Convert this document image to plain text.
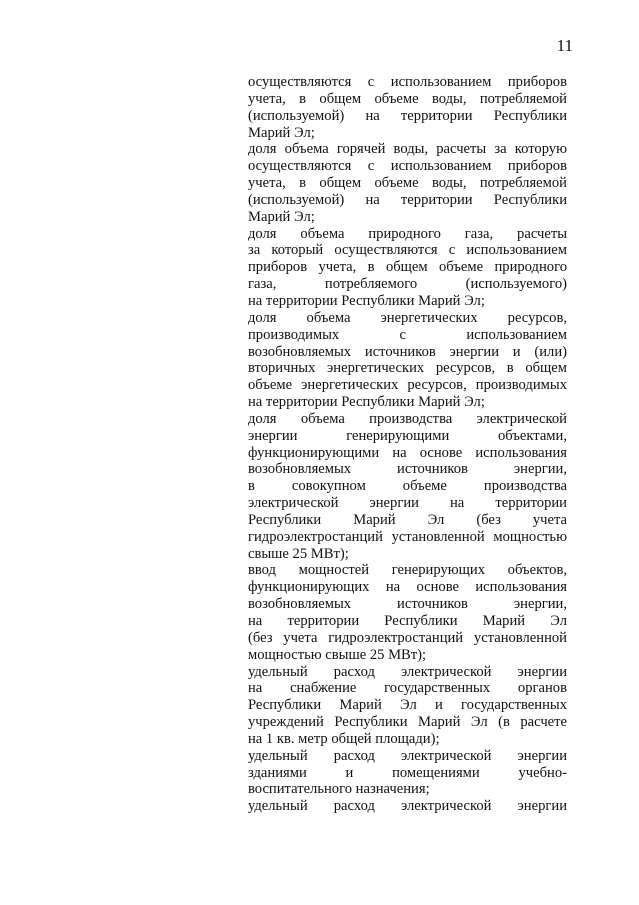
11
осуществляются с использованием приборов
учета, в общем объеме воды, потребляемой
(используемой) на территории Республики
Марий Эл;
доля объема горячей воды, расчеты за которую
осуществляются с использованием приборов
учета, в общем объеме воды, потребляемой
(используемой) на территории Республики
Марий Эл;
доля объема природного газа, расчеты
за который осуществляются с использованием
приборов учета, в общем объеме природного
газа, потребляемого (используемого)
на территории Республики Марий Эл;
доля объема энергетических ресурсов,
производимых с использованием
возобновляемых источников энергии и (или)
вторичных энергетических ресурсов, в общем
объеме энергетических ресурсов, производимых
на территории Республики Марий Эл;
доля объема производства электрической
энергии генерирующими объектами,
функционирующими на основе использования
возобновляемых источников энергии,
в совокупном объеме производства
электрической энергии на территории
Республики Марий Эл (без учета
гидроэлектростанций установленной мощностью
свыше 25 МВт);
ввод мощностей генерирующих объектов,
функционирующих на основе использования
возобновляемых источников энергии,
на территории Республики Марий Эл
(без учета гидроэлектростанций установленной
мощностью свыше 25 МВт);
удельный расход электрической энергии
на снабжение государственных органов
Республики Марий Эл и государственных
учреждений Республики Марий Эл (в расчете
на 1 кв. метр общей площади);
удельный расход электрической энергии
зданиями и помещениями учебно-
воспитательного назначения;
удельный расход электрической энергии
